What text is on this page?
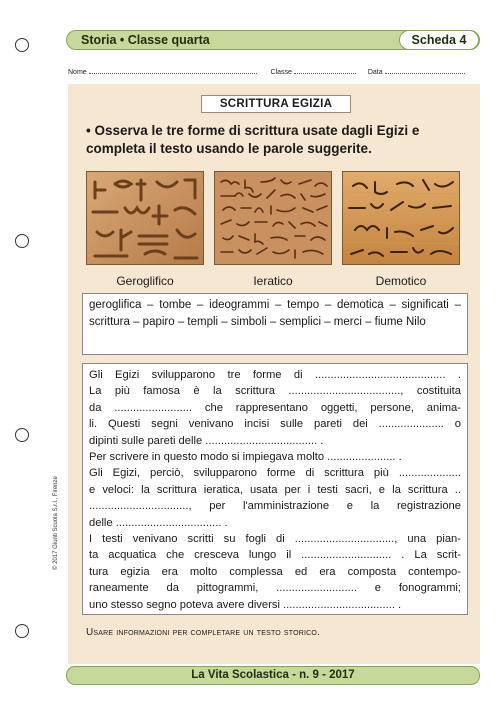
Storia • Classe quarta	Scheda 4
Nome	Classe	Data
SCRITTURA EGIZIA
• Osserva le tre forme di scrittura usate dagli Egizi e completa il testo usando le parole suggerite.
Geroglifico	Ieratico	Demotico
geroglifica – tombe – ideogrammi – tempo – demotica – significati – scrittura – papiro – templi – simboli – semplici – merci – fiume Nilo

Gli Egizi svilupparono tre forme di .......................................... .

La più famosa è la scrittura ...................................., costituita

da ......................... che rappresentano oggetti, persone, anima-

li. Questi segni venivano incisi sulle pareti dei ..................... o

dipinti sulle pareti delle .................................... .

Per scrivere in questo modo si impiegava molto ...................... .

Gli Egizi, perciò, svilupparono forme di scrittura più ....................

e veloci: la scrittura ieratica, usata per i testi sacri, e la scrittura ..

................................, per l'amministrazione e la registrazione

delle .................................. .

I testi venivano scritti su fogli di ................................, una pian-

ta acquatica che cresceva lungo il ............................. . La scrit-

tura egizia era molto complessa ed era composta contempo-

raneamente da pittogrammi, .......................... e fonogrammi;

uno stesso segno poteva avere diversi .................................... .

Usare informazioni per completare un testo storico.
© 2017 Giunti Scuola S.r.l., Firenze
La Vita Scolastica - n. 9 - 2017
